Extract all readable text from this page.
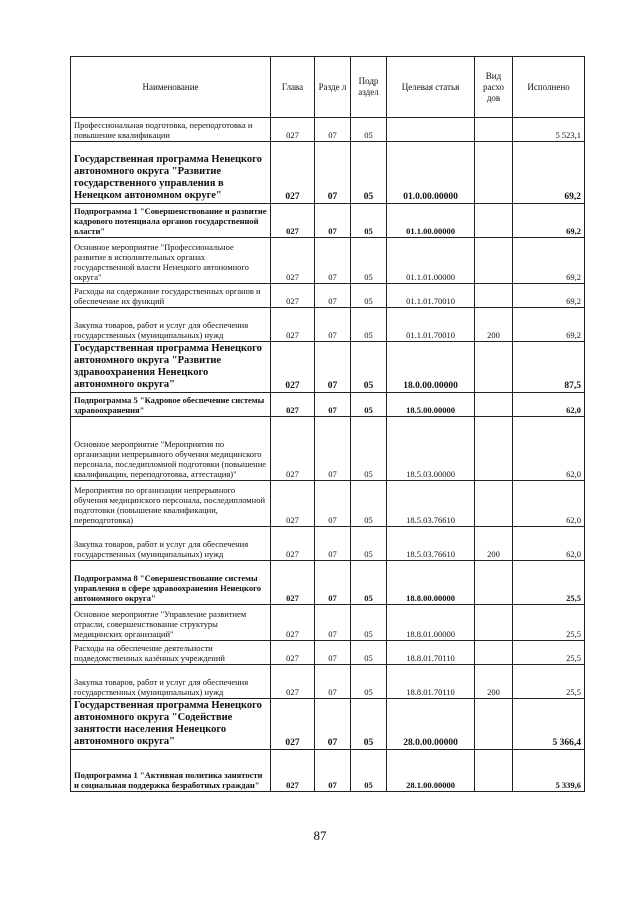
Наименование	Глава	Разде л	Подр аздел	Целевая статья	Вид расхо дов	Исполнено
Профессиональная подготовка, переподготовка и повышение квалификации	027	07	05			5 523,1
Государственная программа Ненецкого автономного округа "Развитие государственного управления в Ненецком автономном округе"	027	07	05	01.0.00.00000		69,2
Подпрограмма 1 "Совершенствование и развитие кадрового потенциала органов государственной власти"	027	07	05	01.1.00.00000		69,2
Основное мероприятие "Профессиональное развитие в исполнительных органах государственной власти Ненецкого автономного округа"	027	07	05	01.1.01.00000		69,2
Расходы на содержание государственных органов и обеспечение их функций	027	07	05	01.1.01.70010		69,2
Закупка товаров, работ и услуг для обеспечения государственных (муниципальных) нужд	027	07	05	01.1.01.70010	200	69,2
Государственная программа Ненецкого автономного округа "Развитие здравоохранения Ненецкого автономного округа"	027	07	05	18.0.00.00000		87,5
Подпрограмма 5 "Кадровое обеспечение системы здравоохранения"	027	07	05	18.5.00.00000		62,0
Основное мероприятие "Мероприятия по организации непрерывного обучения медицинского персонала, последипломной подготовки (повышение квалификации, переподготовка, аттестация)"	027	07	05	18.5.03.00000		62,0
Мероприятия по организации непрерывного обучения медицинского персонала, последипломной подготовки (повышение квалификации, переподготовка)	027	07	05	18.5.03.76610		62,0
Закупка товаров, работ и услуг для обеспечения государственных (муниципальных) нужд	027	07	05	18.5.03.76610	200	62,0
Подпрограмма 8 "Совершенствование системы управления в сфере здравоохранения Ненецкого автономного округа"	027	07	05	18.8.00.00000		25,5
Основное мероприятие "Управление развитием отрасли, совершенствование структуры медицинских организаций"	027	07	05	18.8.01.00000		25,5
Расходы на обеспечение деятельности подведомственных казённых учреждений	027	07	05	18.8.01.70110		25,5
Закупка товаров, работ и услуг для обеспечения государственных (муниципальных) нужд	027	07	05	18.8.01.70110	200	25,5
Государственная программа Ненецкого автономного округа "Содействие занятости населения Ненецкого автономного округа"	027	07	05	28.0.00.00000		5 366,4
Подпрограмма 1 "Активная политика занятости и социальная поддержка безработных граждан"	027	07	05	28.1.00.00000		5 339,6
87
